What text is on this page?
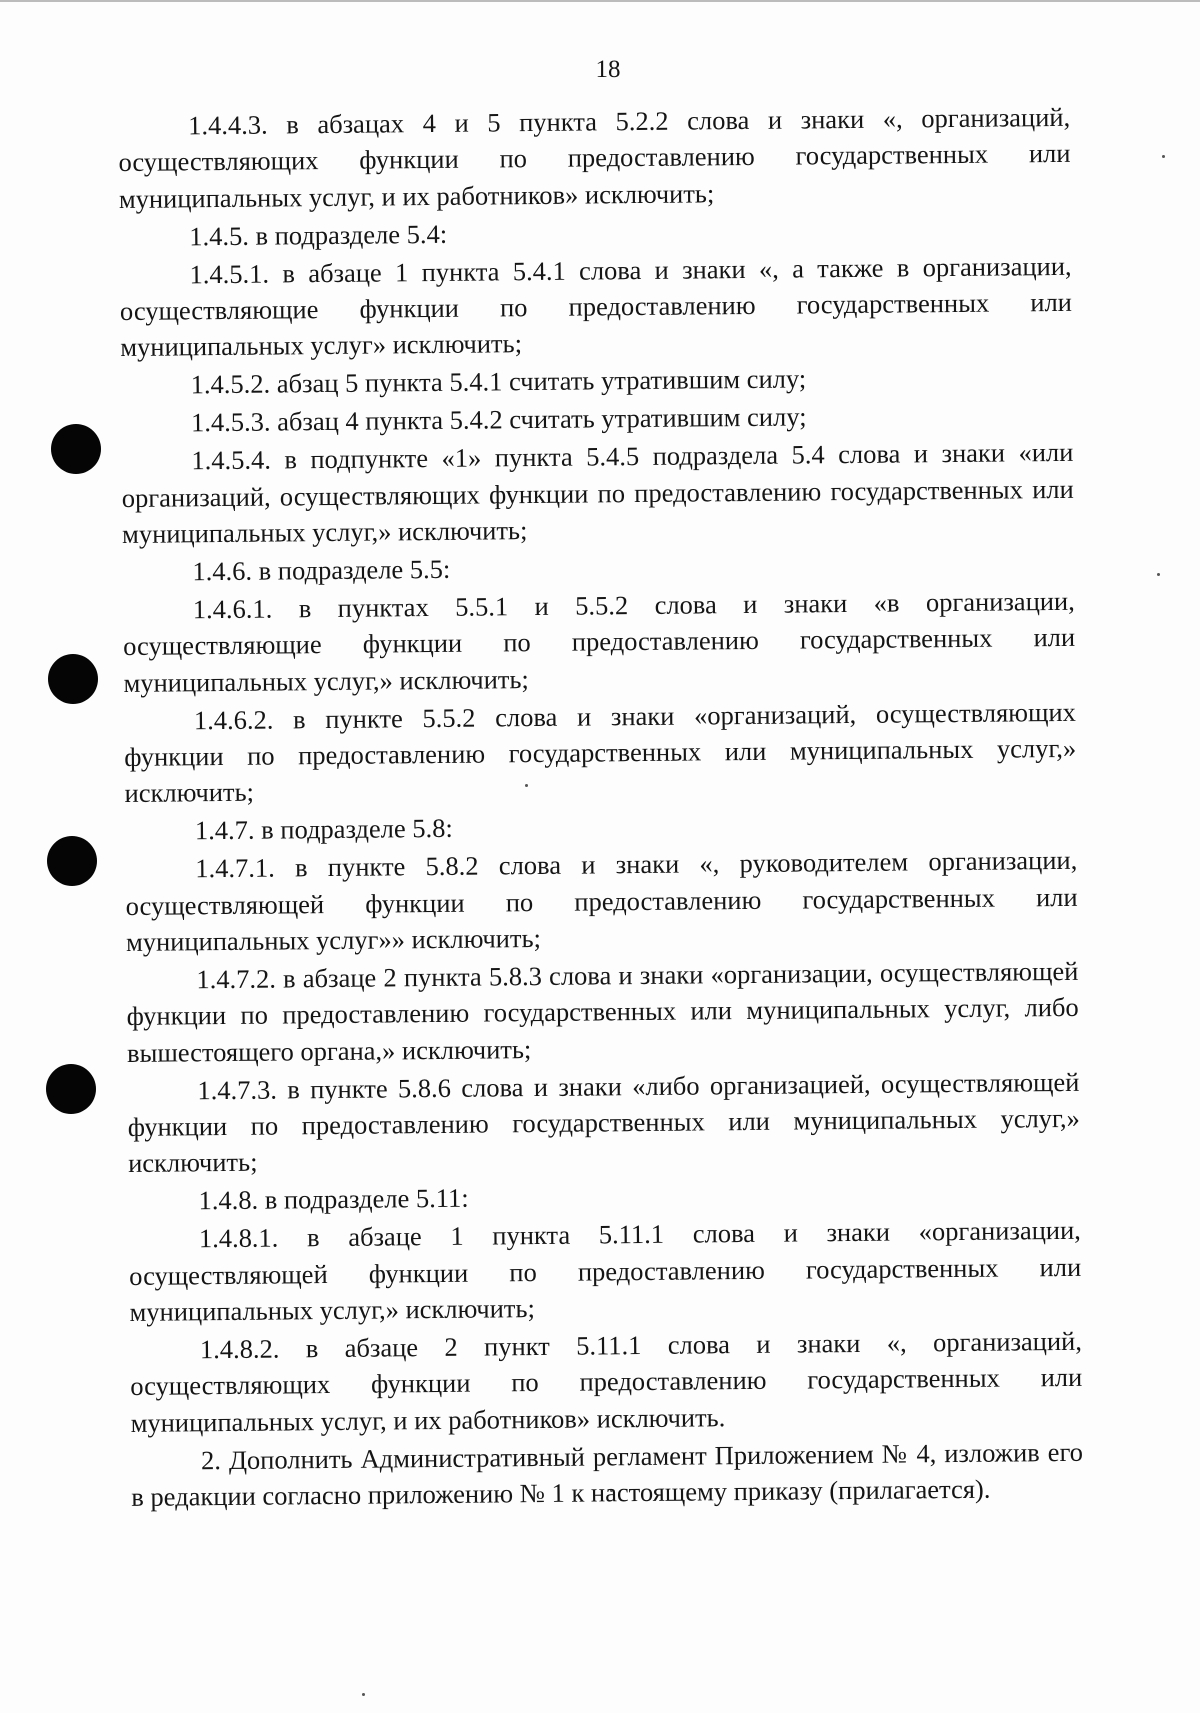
18

1.4.4.3. в абзацах 4 и 5 пункта 5.2.2 слова и знаки «, организаций, осуществляющих функции по предоставлению государственных или муниципальных услуг, и их работников» исключить;

1.4.5. в подразделе 5.4:

1.4.5.1. в абзаце 1 пункта 5.4.1 слова и знаки «, а также в организации, осуществляющие функции по предоставлению государственных или муниципальных услуг» исключить;

1.4.5.2. абзац 5 пункта 5.4.1 считать утратившим силу;

1.4.5.3. абзац 4 пункта 5.4.2 считать утратившим силу;

1.4.5.4. в подпункте «1» пункта 5.4.5 подраздела 5.4 слова и знаки «или организаций, осуществляющих функции по предоставлению государственных или муниципальных услуг,» исключить;

1.4.6. в подразделе 5.5:

1.4.6.1. в пунктах 5.5.1 и 5.5.2 слова и знаки «в организации, осуществляющие функции по предоставлению государственных или муниципальных услуг,» исключить;

1.4.6.2. в пункте 5.5.2 слова и знаки «организаций, осуществляющих функции по предоставлению государственных или муниципальных услуг,» исключить;

1.4.7. в подразделе 5.8:

1.4.7.1. в пункте 5.8.2 слова и знаки «, руководителем организации, осуществляющей функции по предоставлению государственных или муниципальных услуг»» исключить;

1.4.7.2. в абзаце 2 пункта 5.8.3 слова и знаки «организации, осуществляющей функции по предоставлению государственных или муниципальных услуг, либо вышестоящего органа,» исключить;

1.4.7.3. в пункте 5.8.6 слова и знаки «либо организацией, осуществляющей функции по предоставлению государственных или муниципальных услуг,» исключить;

1.4.8. в подразделе 5.11:

1.4.8.1. в абзаце 1 пункта 5.11.1 слова и знаки «организации, осуществляющей функции по предоставлению государственных или муниципальных услуг,» исключить;

1.4.8.2. в абзаце 2 пункт 5.11.1 слова и знаки «, организаций, осуществляющих функции по предоставлению государственных или муниципальных услуг, и их работников» исключить.

2. Дополнить Административный регламент Приложением № 4, изложив его в редакции согласно приложению № 1 к настоящему приказу (прилагается).
